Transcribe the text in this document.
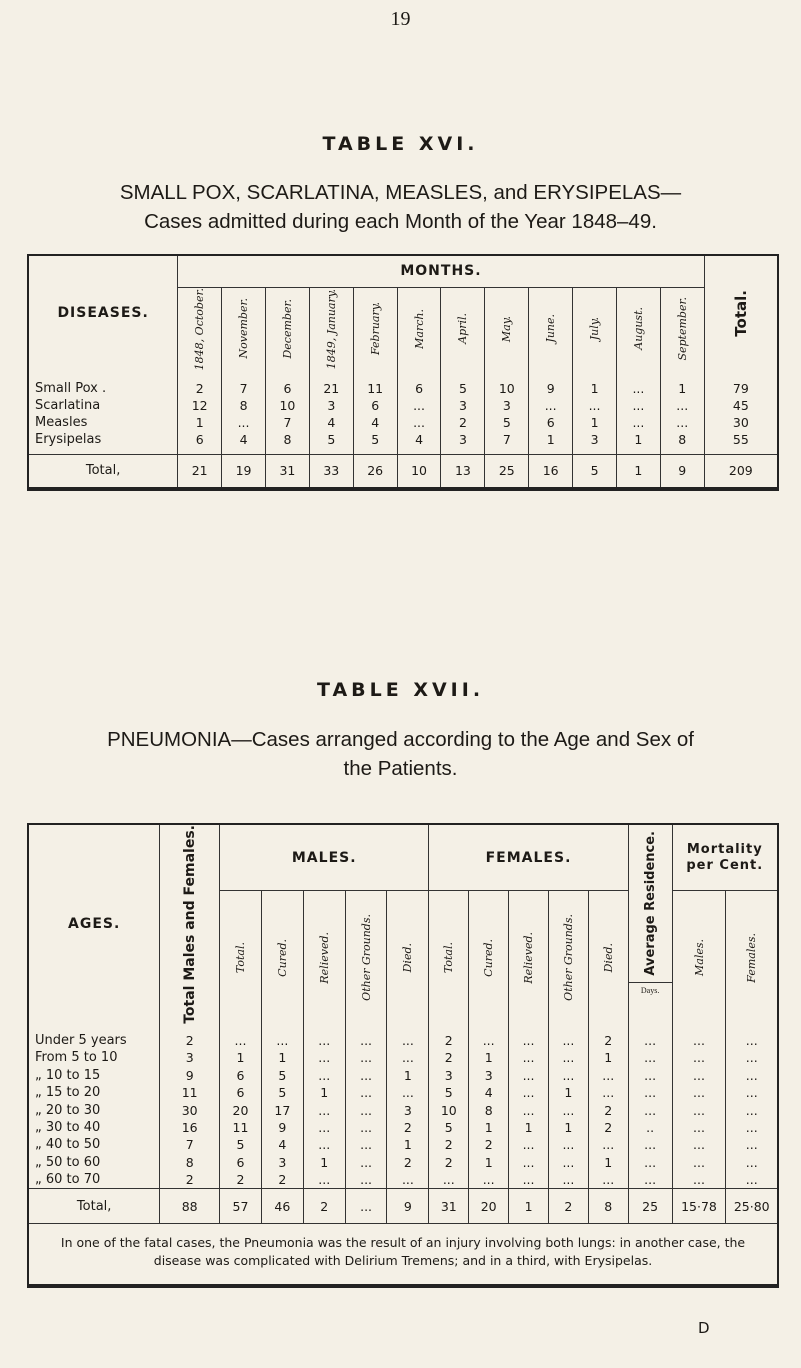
19
TABLE XVI.
SMALL POX, SCARLATINA, MEASLES, and ERYSIPELAS—
Cases admitted during each Month of the Year 1848–49.
DISEASES.	MONTHS.												Total.

	1848, October.	November.	December.	1849, January.	February.	March.	April.	May.	June.	July.	August.	September.	

Small Pox .	2	7	6	21	11	6	5	10	9	1	...	1	79
Scarlatina	12	8	10	3	6	...	3	3	...	...	...	...	45
Measles	1	...	7	4	4	...	2	5	6	1	...	...	30
Erysipelas	6	4	8	5	5	4	3	7	1	3	1	8	55

Total,	21	19	31	33	26	10	13	25	16	5	1	9	209
TABLE XVII.
PNEUMONIA—Cases arranged according to the Age and Sex of
the Patients.
AGES.	Total Males and Females.	MALES.					FEMALES.					Average Residence.
Days.	Mortality per Cent.	

		Total.	Cured.	Relieved.	Other Grounds.	Died.	Total.	Cured.	Relieved.	Other Grounds.	Died.		Males.	Females.

Under 5 years	2	...	...	...	...	...	2	...	...	...	2	...	...	...
From 5 to 10	3	1	1	...	...	...	2	1	...	...	1	...	...	...
„ 10 to 15	9	6	5	...	...	1	3	3	...	...	...	...	...	...
„ 15 to 20	11	6	5	1	...	...	5	4	...	1	...	...	...	...
„ 20 to 30	30	20	17	...	...	3	10	8	...	...	2	...	...	...
„ 30 to 40	16	11	9	...	...	2	5	1	1	1	2	..	...	...
„ 40 to 50	7	5	4	...	...	1	2	2	...	...	...	...	...	...
„ 50 to 60	8	6	3	1	...	2	2	1	...	...	1	...	...	...
„ 60 to 70	2	2	2	...	...	...	...	...	...	...	...	...	...	...
Total,	88	57	46	2	...	9	31	20	1	2	8	25	15·78	25·80
In one of the fatal cases, the Pneumonia was the result of an injury involving both lungs: in another case, the disease was complicated with Delirium Tremens; and in a third, with Erysipelas.														
D
